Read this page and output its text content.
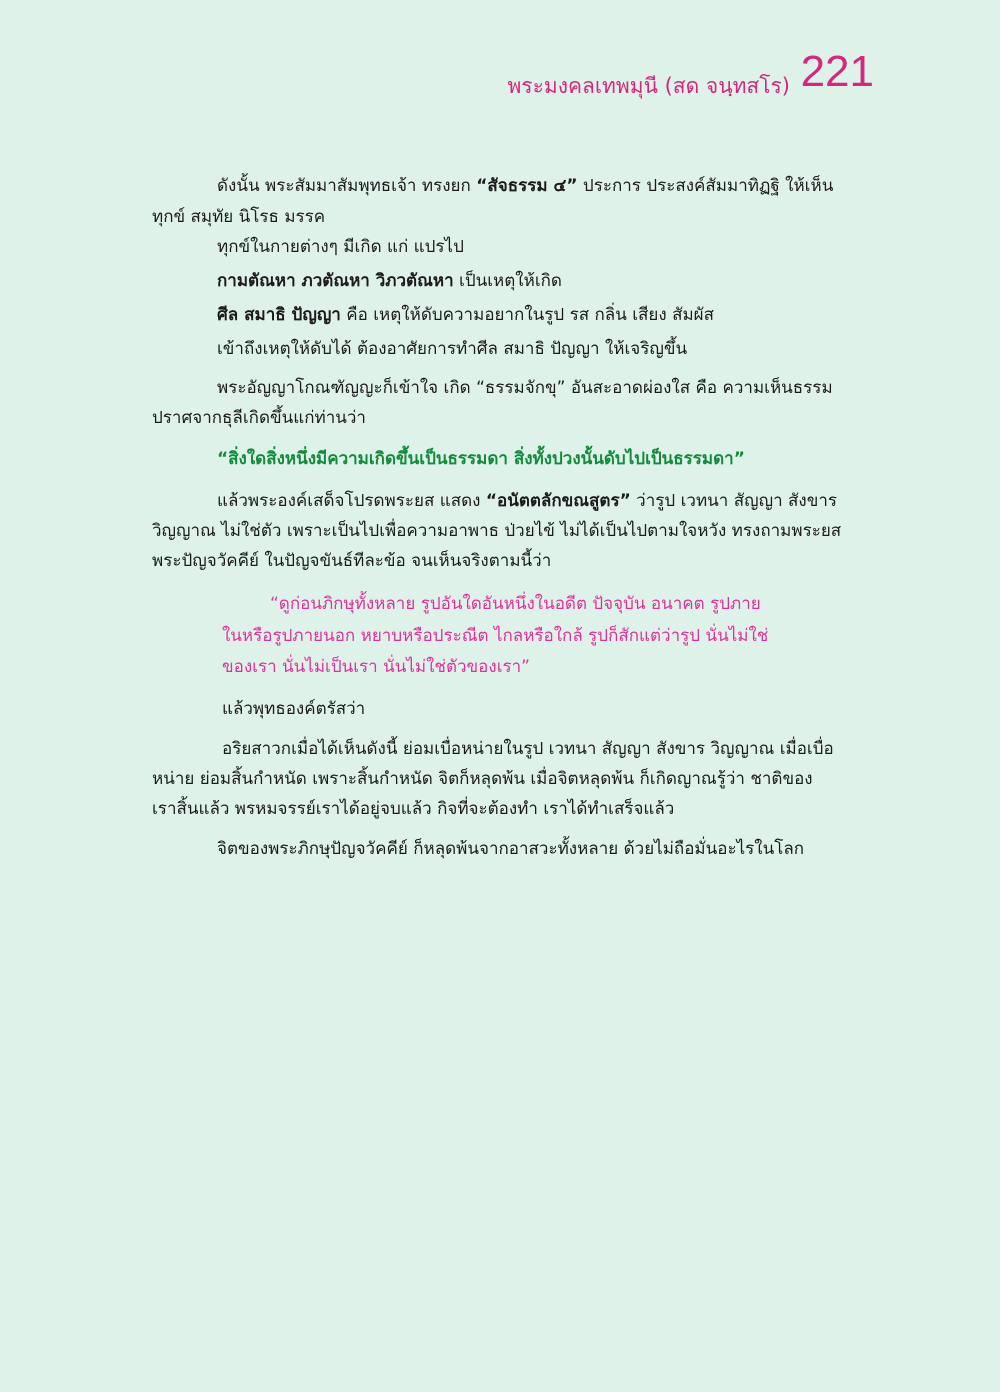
พระมงคลเทพมุนี (สด จนฺทสโร) 221
ดังนั้น พระสัมมาสัมพุทธเจ้า ทรงยก “สัจธรรม ๔” ประการ ประสงค์สัมมาทิฏฐิ ให้เห็น
ทุกข์ สมุทัย นิโรธ มรรค
ทุกข์ในกายต่างๆ มีเกิด แก่ แปรไป
กามตัณหา ภวตัณหา วิภวตัณหา เป็นเหตุให้เกิด
ศีล สมาธิ ปัญญา คือ เหตุให้ดับความอยากในรูป รส กลิ่น เสียง สัมผัส
เข้าถึงเหตุให้ดับได้ ต้องอาศัยการทำศีล สมาธิ ปัญญา ให้เจริญขึ้น
พระอัญญาโกณฑัญญะก็เข้าใจ เกิด “ธรรมจักขุ” อันสะอาดผ่องใส คือ ความเห็นธรรม
ปราศจากธุลีเกิดขึ้นแก่ท่านว่า
“สิ่งใดสิ่งหนึ่งมีความเกิดขึ้นเป็นธรรมดา สิ่งทั้งปวงนั้นดับไปเป็นธรรมดา”
แล้วพระองค์เสด็จโปรดพระยส แสดง “อนัตตลักขณสูตร” ว่ารูป เวทนา สัญญา สังขาร
วิญญาณ ไม่ใช่ตัว เพราะเป็นไปเพื่อความอาพาธ ป่วยไข้ ไม่ได้เป็นไปตามใจหวัง ทรงถามพระยส
พระปัญจวัคคีย์ ในปัญจขันธ์ทีละข้อ จนเห็นจริงตามนี้ว่า
“ดูก่อนภิกษุทั้งหลาย รูปอันใดอันหนึ่งในอดีต ปัจจุบัน อนาคต รูปภาย
ในหรือรูปภายนอก หยาบหรือประณีต ไกลหรือใกล้ รูปก็สักแต่ว่ารูป นั่นไม่ใช่
ของเรา นั่นไม่เป็นเรา นั่นไม่ใช่ตัวของเรา”
แล้วพุทธองค์ตรัสว่า
อริยสาวกเมื่อได้เห็นดังนี้ ย่อมเบื่อหน่ายในรูป เวทนา สัญญา สังขาร วิญญาณ เมื่อเบื่อ
หน่าย ย่อมสิ้นกำหนัด เพราะสิ้นกำหนัด จิตก็หลุดพ้น เมื่อจิตหลุดพ้น ก็เกิดญาณรู้ว่า ชาติของ
เราสิ้นแล้ว พรหมจรรย์เราได้อยู่จบแล้ว กิจที่จะต้องทำ เราได้ทำเสร็จแล้ว
จิตของพระภิกษุปัญจวัคคีย์ ก็หลุดพ้นจากอาสวะทั้งหลาย ด้วยไม่ถือมั่นอะไรในโลก
